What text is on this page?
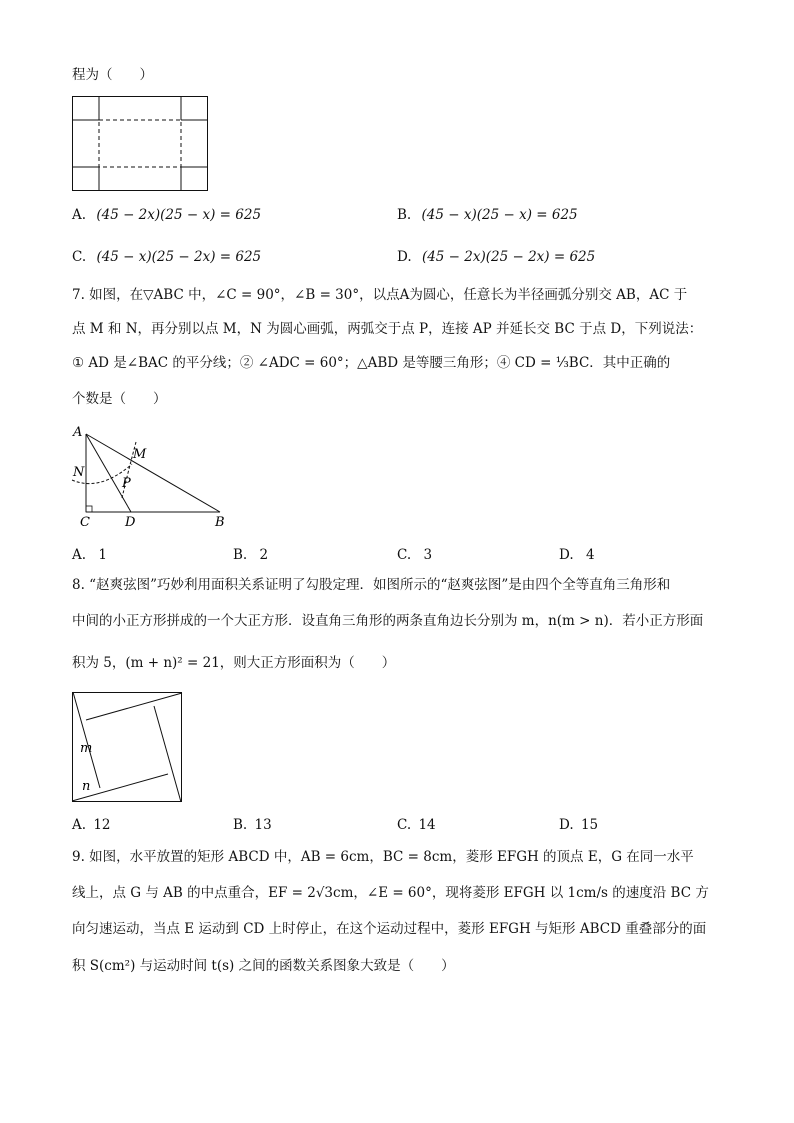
程为（　　）
A. (45 − 2x)(25 − x) = 625	B. (45 − x)(25 − x) = 625
C. (45 − x)(25 − 2x) = 625	D. (45 − 2x)(25 − 2x) = 625
7. 如图，在▽ABC 中，∠C = 90°，∠B = 30°，以点A为圆心，任意长为半径画弧分别交 AB，AC 于
点 M 和 N，再分别以点 M，N 为圆心画弧，两弧交于点 P，连接 AP 并延长交 BC 于点 D，下列说法：
① AD 是∠BAC 的平分线；② ∠ADC = 60°；△ABD 是等腰三角形；④ CD = ⅓BC．其中正确的
个数是（　　）
A
N
M
P
C	D	B
A. 1	B. 2	C. 3	D. 4
8. “赵爽弦图”巧妙利用面积关系证明了勾股定理．如图所示的“赵爽弦图”是由四个全等直角三角形和
中间的小正方形拼成的一个大正方形．设直角三角形的两条直角边长分别为 m，n(m > n)．若小正方形面
积为 5，(m + n)² = 21，则大正方形面积为（　　）
m
n
A. 12	B. 13	C. 14	D. 15
9. 如图，水平放置的矩形 ABCD 中，AB = 6cm，BC = 8cm，菱形 EFGH 的顶点 E，G 在同一水平
线上，点 G 与 AB 的中点重合，EF = 2√3cm，∠E = 60°，现将菱形 EFGH 以 1cm/s 的速度沿 BC 方
向匀速运动，当点 E 运动到 CD 上时停止，在这个运动过程中，菱形 EFGH 与矩形 ABCD 重叠部分的面
积 S(cm²) 与运动时间 t(s) 之间的函数关系图象大致是（　　）
